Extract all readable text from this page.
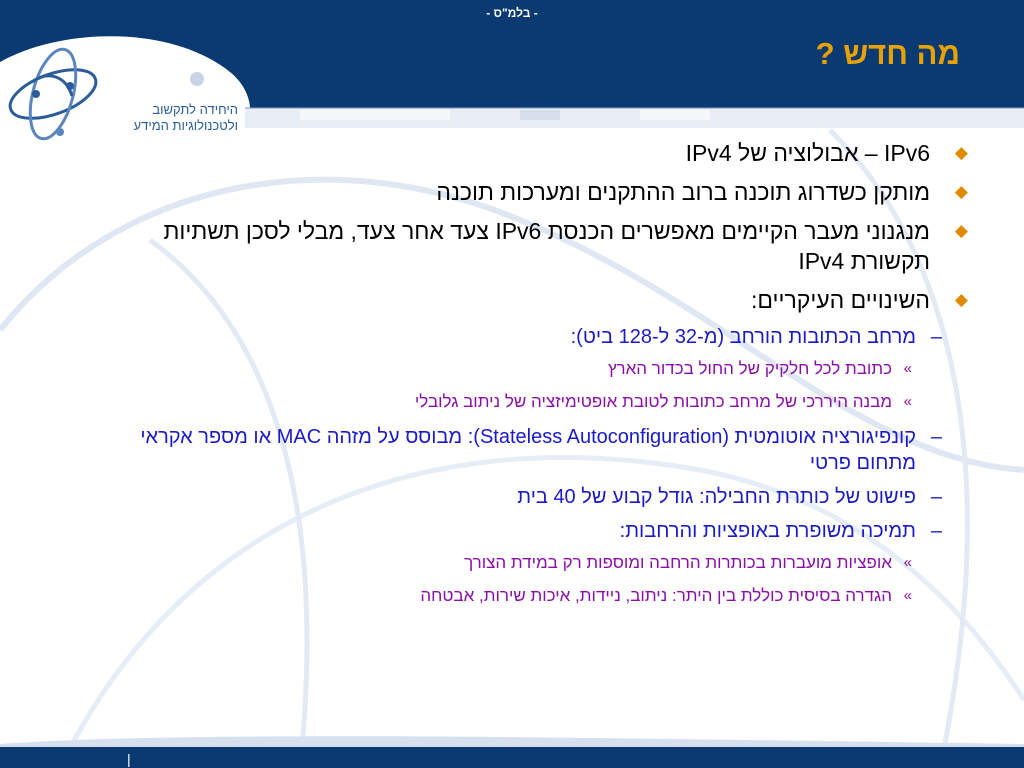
- בלמ"ס -
מה חדש ?
היחידה לתקשוב
ולטכנולוגיות המידע
◆
IPv6 – אבולוציה של IPv4
◆
מותקן כשדרוג תוכנה ברוב ההתקנים ומערכות תוכנה
◆
מנגנוני מעבר הקיימים מאפשרים הכנסת IPv6 צעד אחר צעד, מבלי לסכן תשתיות תקשורת IPv4
◆
השינויים העיקריים:
–
מרחב הכתובות הורחב (מ-32 ל-128 ביט):
»
כתובת לכל חלקיק של החול בכדור הארץ
»
מבנה היררכי של מרחב כתובות לטובת אופטימיזציה של ניתוב גלובלי
–
קונפיגורציה אוטומטית (Stateless Autoconfiguration): מבוסס על מזהה MAC או מספר אקראי מתחום פרטי
–
פישוט של כותרת החבילה: גודל קבוע של 40 בית
–
תמיכה משופרת באופציות והרחבות:
»
אופציות מועברות בכותרות הרחבה ומוספות רק במידת הצורך
»
הגדרה בסיסית כוללת בין היתר: ניתוב, ניידות, איכות שירות, אבטחה
|
